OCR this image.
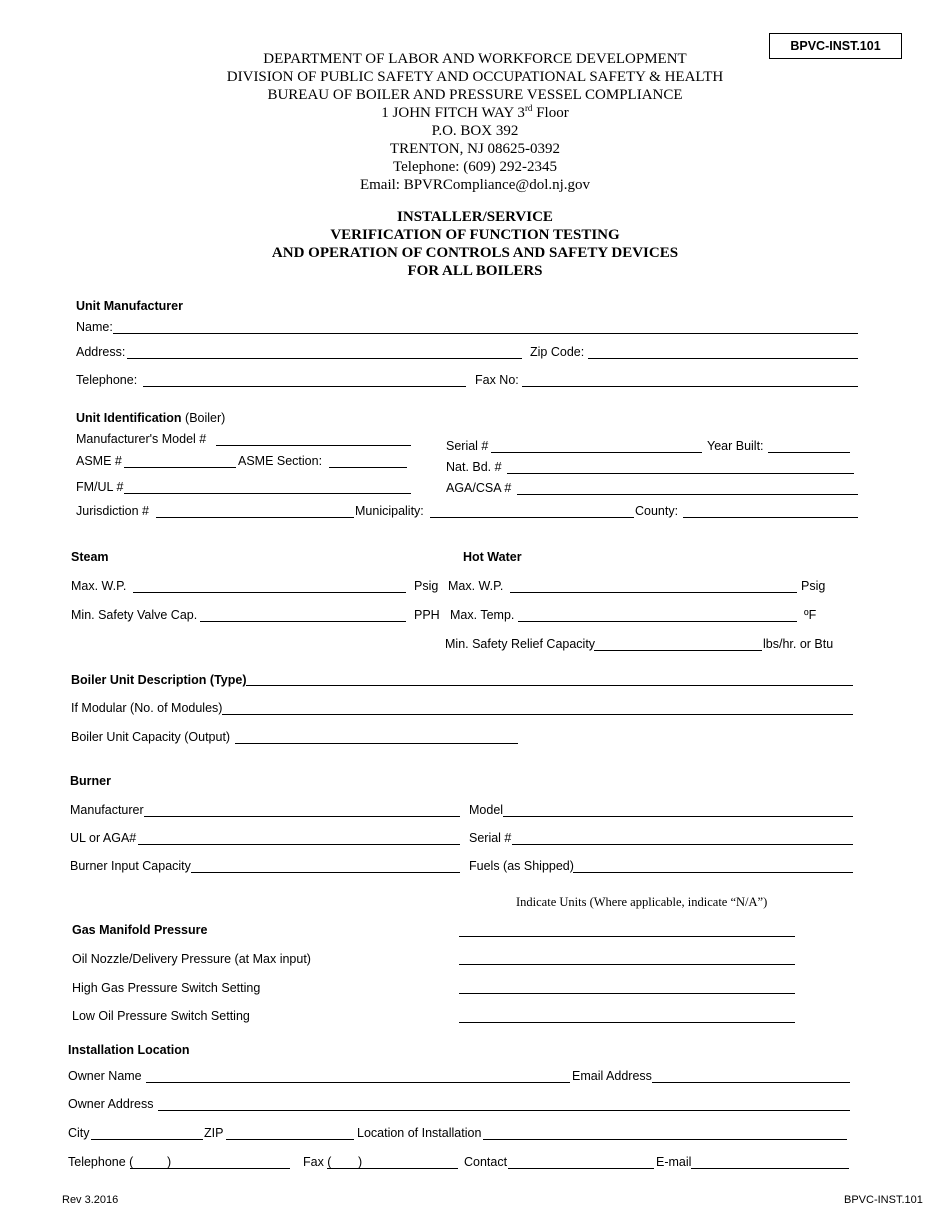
BPVC-INST.101
DEPARTMENT OF LABOR AND WORKFORCE DEVELOPMENT
DIVISION OF PUBLIC SAFETY AND OCCUPATIONAL SAFETY & HEALTH
BUREAU OF BOILER AND PRESSURE VESSEL COMPLIANCE
1 JOHN FITCH WAY 3rd Floor
P.O. BOX 392
TRENTON, NJ 08625-0392
Telephone: (609) 292-2345
Email: BPVRCompliance@dol.nj.gov
INSTALLER/SERVICE
VERIFICATION OF FUNCTION TESTING
AND OPERATION OF CONTROLS AND SAFETY DEVICES
FOR ALL BOILERS
Unit Manufacturer
Name:
Address:	Zip Code:
Telephone:	Fax No:
Unit Identification (Boiler)
Manufacturer's Model #	Serial #	Year Built:
ASME #	ASME Section:	Nat. Bd. #
FM/UL #	AGA/CSA #
Jurisdiction #	Municipality:	County:
Steam	Hot Water
Max. W.P.	Psig Max. W.P.	Psig
Min. Safety Valve Cap.	PPH Max. Temp.	ºF
Min. Safety Relief Capacity	lbs/hr. or Btu
Boiler Unit Description (Type)
If Modular (No. of Modules)
Boiler Unit Capacity (Output)
Burner
Manufacturer	Model
UL or AGA#	Serial #
Burner Input Capacity	Fuels (as Shipped)
Indicate Units (Where applicable, indicate “N/A”)
Gas Manifold Pressure
Oil Nozzle/Delivery Pressure (at Max input)
High Gas Pressure Switch Setting
Low Oil Pressure Switch Setting
Installation Location
Owner Name	Email Address
Owner Address
City	ZIP	Location of Installation
Telephone (	)	Fax ( )	Contact	E-mail
Rev 3.2016	BPVC-INST.101
